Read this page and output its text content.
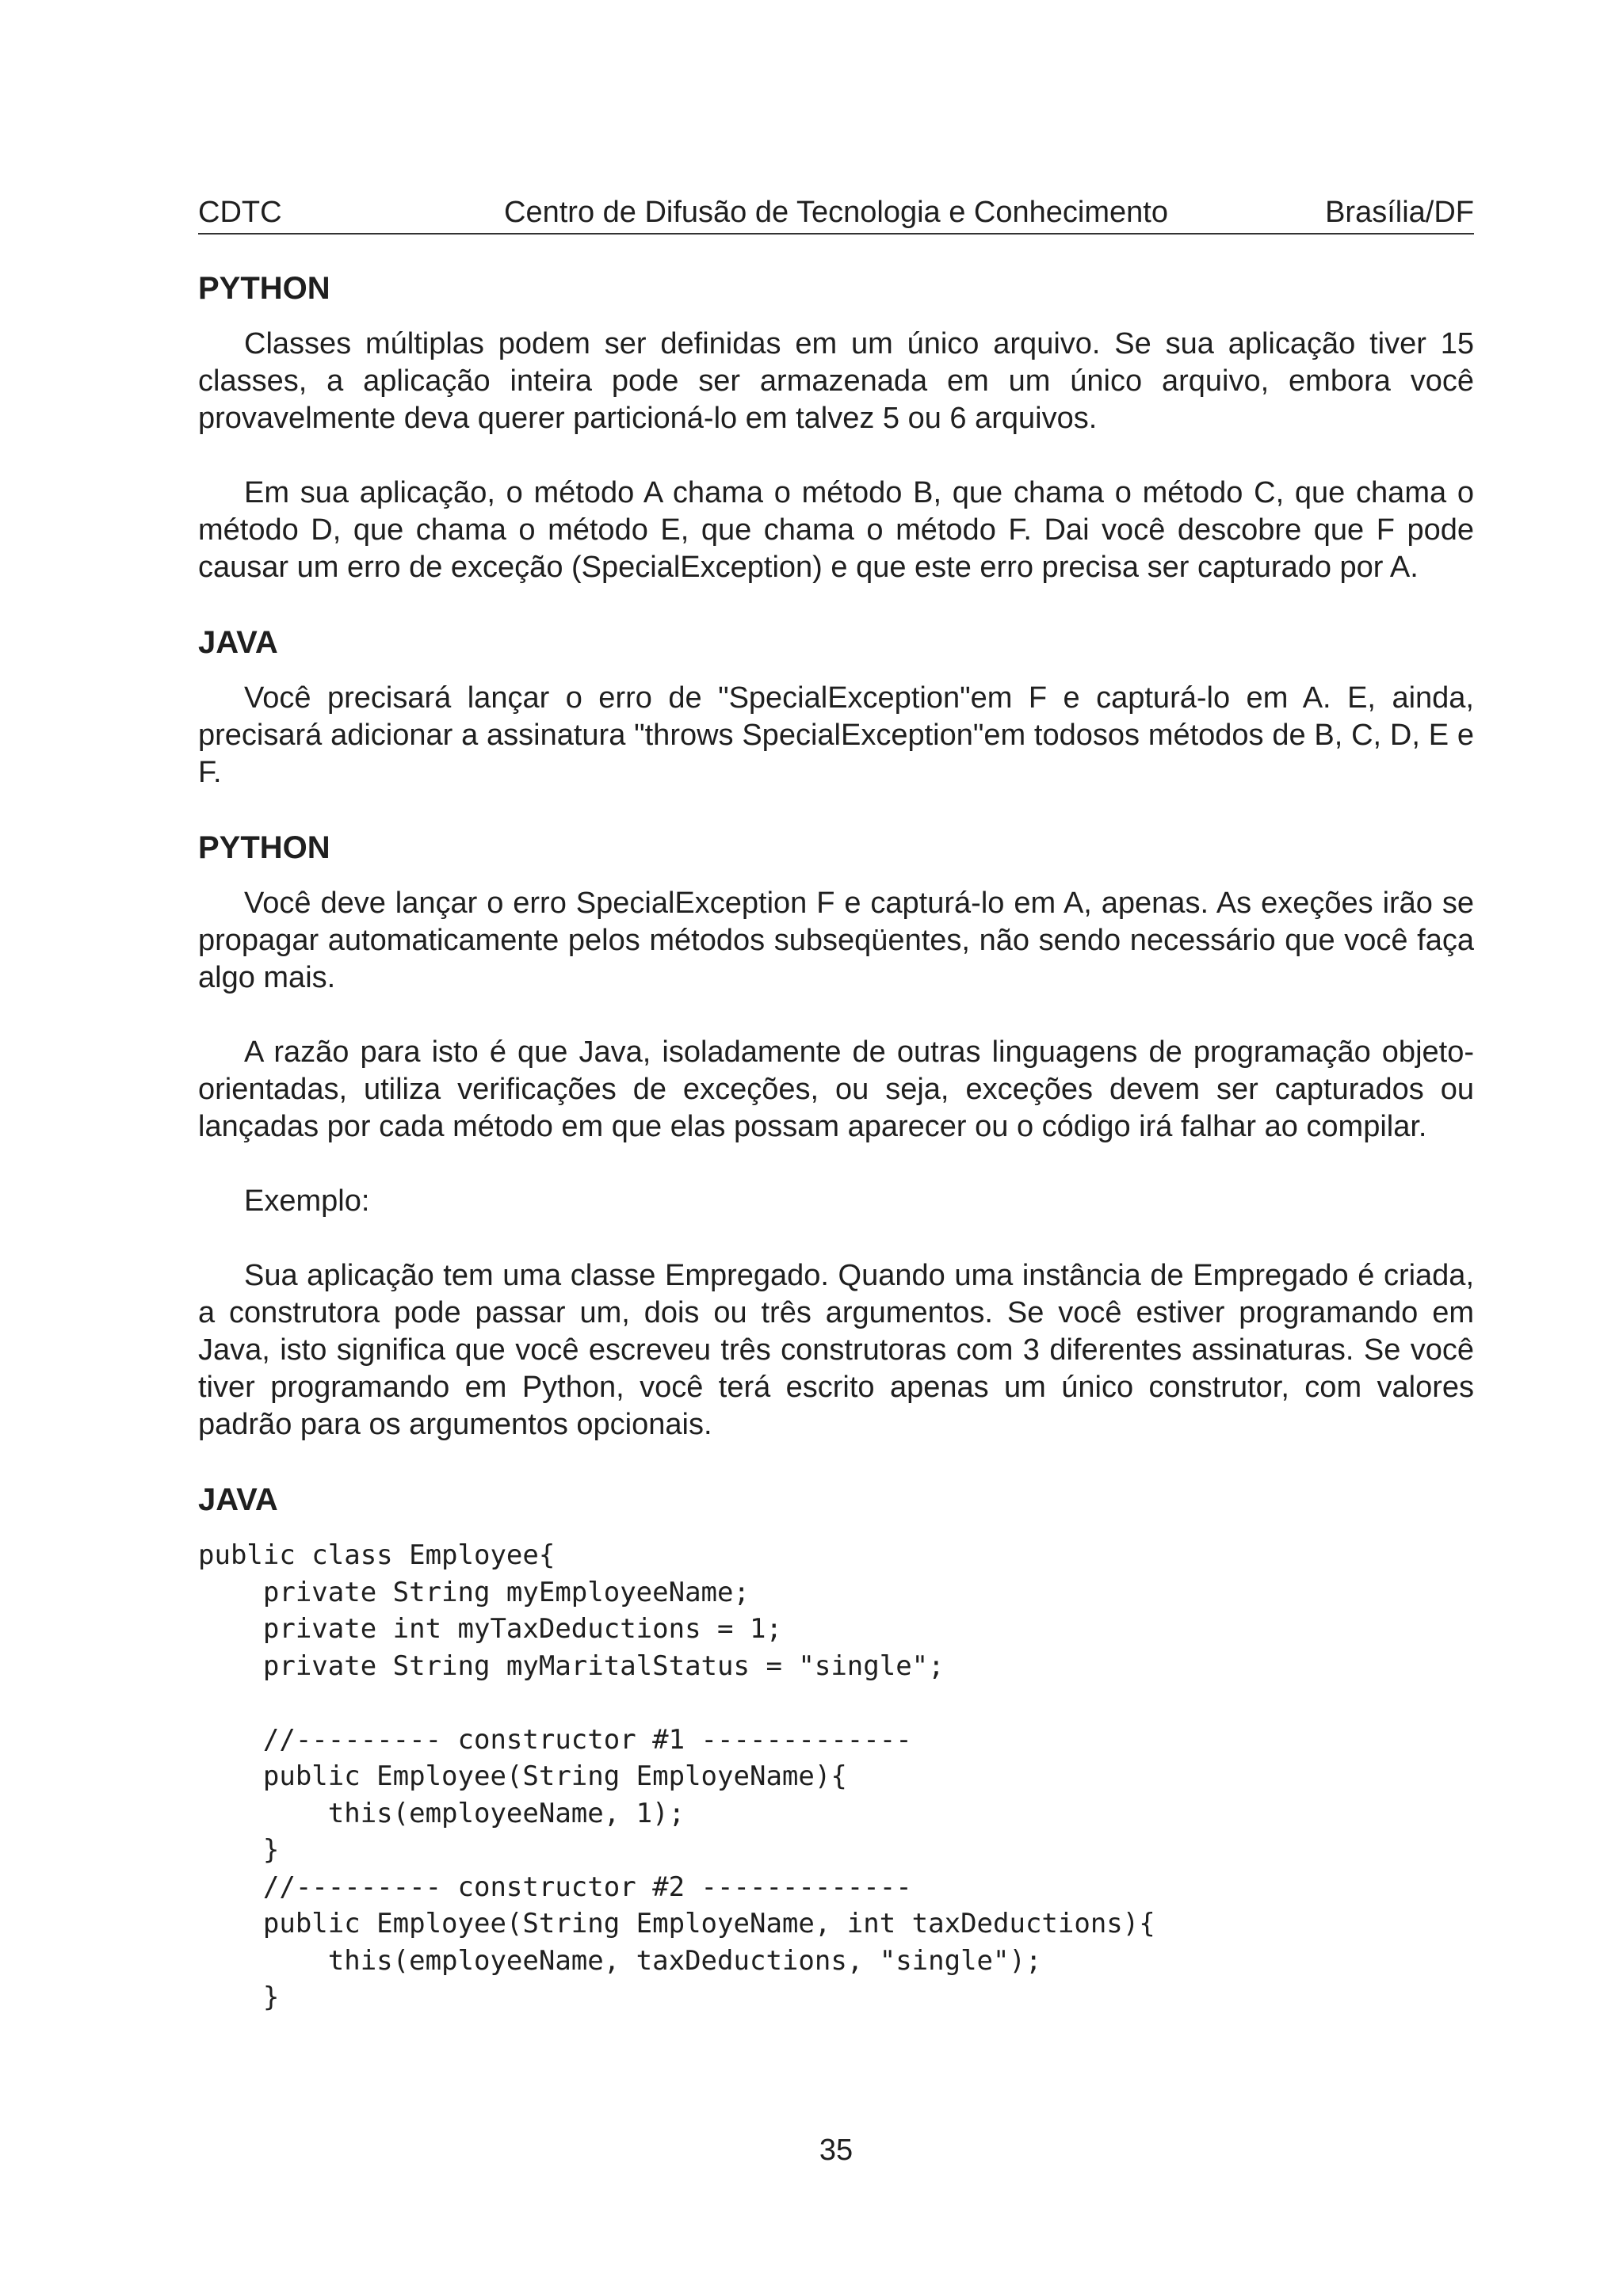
CDTC	Centro de Difusão de Tecnologia e Conhecimento	Brasília/DF
PYTHON

Classes múltiplas podem ser definidas em um único arquivo. Se sua aplicação tiver 15 classes, a aplicação inteira pode ser armazenada em um único arquivo, embora você provavelmente deva querer particioná-lo em talvez 5 ou 6 arquivos.

Em sua aplicação, o método A chama o método B, que chama o método C, que chama o método D, que chama o método E, que chama o método F. Dai você descobre que F pode causar um erro de exceção (SpecialException) e que este erro precisa ser capturado por A.

JAVA

Você precisará lançar o erro de "SpecialException"em F e capturá-lo em A. E, ainda, precisará adicionar a assinatura "throws SpecialException"em todosos métodos de B, C, D, E e F.

PYTHON

Você deve lançar o erro SpecialException F e capturá-lo em A, apenas. As exeções irão se propagar automaticamente pelos métodos subseqüentes, não sendo necessário que você faça algo mais.

A razão para isto é que Java, isoladamente de outras linguagens de programação objeto-orientadas, utiliza verificações de exceções, ou seja, exceções devem ser capturados ou lançadas por cada método em que elas possam aparecer ou o código irá falhar ao compilar.

Exemplo:

Sua aplicação tem uma classe Empregado. Quando uma instância de Empregado é criada, a construtora pode passar um, dois ou três argumentos. Se você estiver programando em Java, isto significa que você escreveu três construtoras com 3 diferentes assinaturas. Se você tiver programando em Python, você terá escrito apenas um único construtor, com valores padrão para os argumentos opcionais.

JAVA
public class Employee{
private String myEmployeeName;
private int myTaxDeductions = 1;
private String myMaritalStatus = "single";

//--------- constructor #1 -------------
public Employee(String EmployeName){
this(employeeName, 1);
}
//--------- constructor #2 -------------
public Employee(String EmployeName, int taxDeductions){
this(employeeName, taxDeductions, "single");
}
35
